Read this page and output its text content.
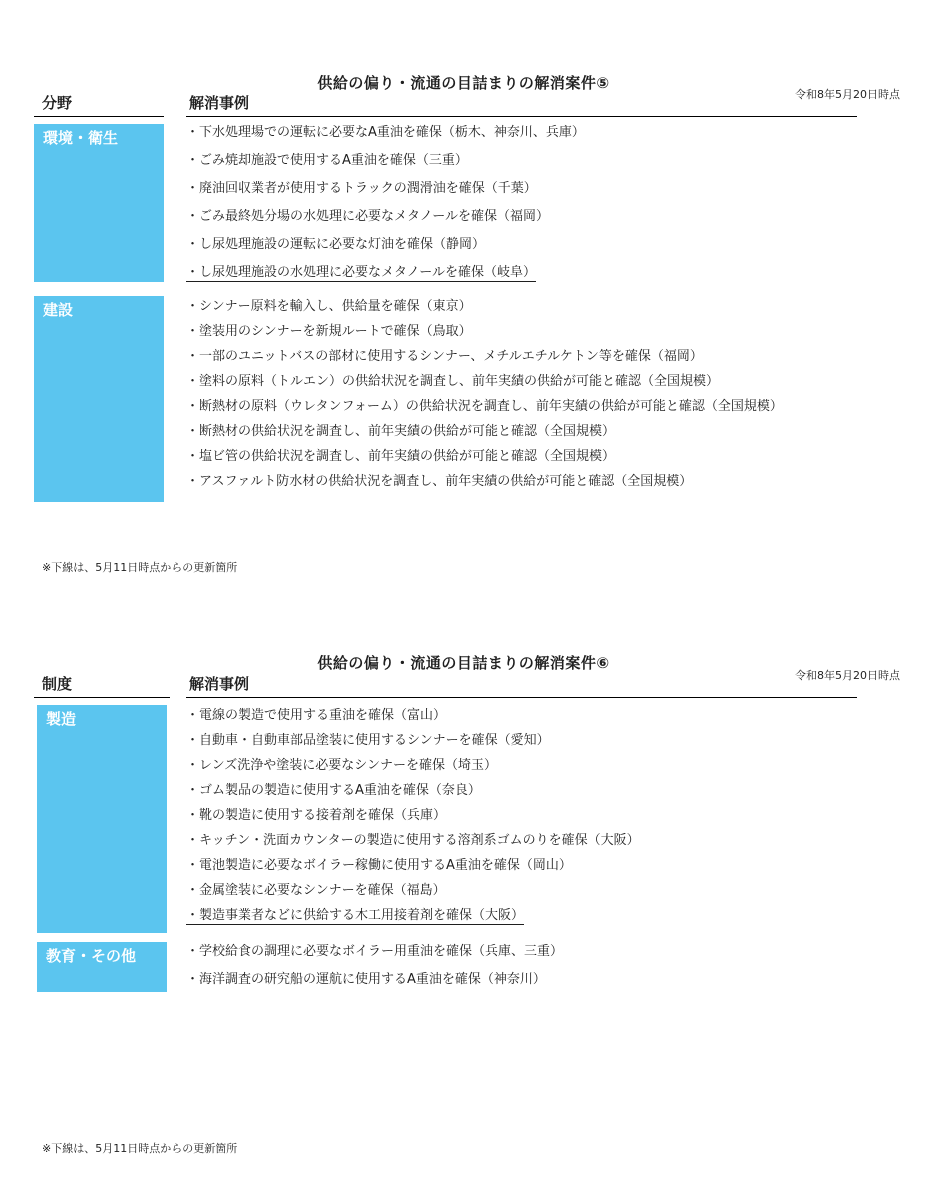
供給の偏り・流通の目詰まりの解消案件⑤
令和8年5月20日時点
分野	解消事例
環境・衛生	・下水処理場での運転に必要なA重油を確保（栃木、神奈川、兵庫）
・ごみ焼却施設で使用するA重油を確保（三重）
・廃油回収業者が使用するトラックの潤滑油を確保（千葉）
・ごみ最終処分場の水処理に必要なメタノールを確保（福岡）
・し尿処理施設の運転に必要な灯油を確保（静岡）
・し尿処理施設の水処理に必要なメタノールを確保（岐阜）
建設	・シンナー原料を輸入し、供給量を確保（東京）
・塗装用のシンナーを新規ルートで確保（鳥取）
・一部のユニットバスの部材に使用するシンナー、メチルエチルケトン等を確保（福岡）
・塗料の原料（トルエン）の供給状況を調査し、前年実績の供給が可能と確認（全国規模）
・断熱材の原料（ウレタンフォーム）の供給状況を調査し、前年実績の供給が可能と確認（全国規模）
・断熱材の供給状況を調査し、前年実績の供給が可能と確認（全国規模）
・塩ビ管の供給状況を調査し、前年実績の供給が可能と確認（全国規模）
・アスファルト防水材の供給状況を調査し、前年実績の供給が可能と確認（全国規模）
※下線は、5月11日時点からの更新箇所
供給の偏り・流通の目詰まりの解消案件⑥
令和8年5月20日時点
制度	解消事例
製造	・電線の製造で使用する重油を確保（富山）
・自動車・自動車部品塗装に使用するシンナーを確保（愛知）
・レンズ洗浄や塗装に必要なシンナーを確保（埼玉）
・ゴム製品の製造に使用するA重油を確保（奈良）
・靴の製造に使用する接着剤を確保（兵庫）
・キッチン・洗面カウンターの製造に使用する溶剤系ゴムのりを確保（大阪）
・電池製造に必要なボイラー稼働に使用するA重油を確保（岡山）
・金属塗装に必要なシンナーを確保（福島）
・製造事業者などに供給する木工用接着剤を確保（大阪）
教育・その他	・学校給食の調理に必要なボイラー用重油を確保（兵庫、三重）
・海洋調査の研究船の運航に使用するA重油を確保（神奈川）
※下線は、5月11日時点からの更新箇所
